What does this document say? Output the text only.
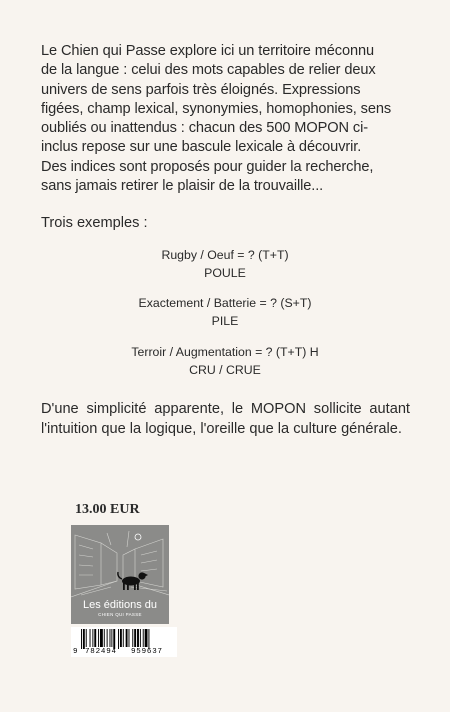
Le Chien qui Passe explore ici un territoire méconnu
de la langue : celui des mots capables de relier deux
univers de sens parfois très éloignés. Expressions
figées, champ lexical, synonymies, homophonies, sens
oubliés ou inattendus : chacun des 500 MOPON ci-
inclus repose sur une bascule lexicale à découvrir.
Des indices sont proposés pour guider la recherche,
sans jamais retirer le plaisir de la trouvaille...
Trois exemples :
Rugby / Oeuf = ? (T+T)
POULE
Exactement / Batterie = ? (S+T)
PILE
Terroir / Augmentation = ? (T+T) H
CRU / CRUE
D'une simplicité apparente, le MOPON sollicite autant l'intuition que la logique, l'oreille que la culture générale.
13.00 EUR
Les éditions du
CHIEN QUI PASSE
9 782494 959637
